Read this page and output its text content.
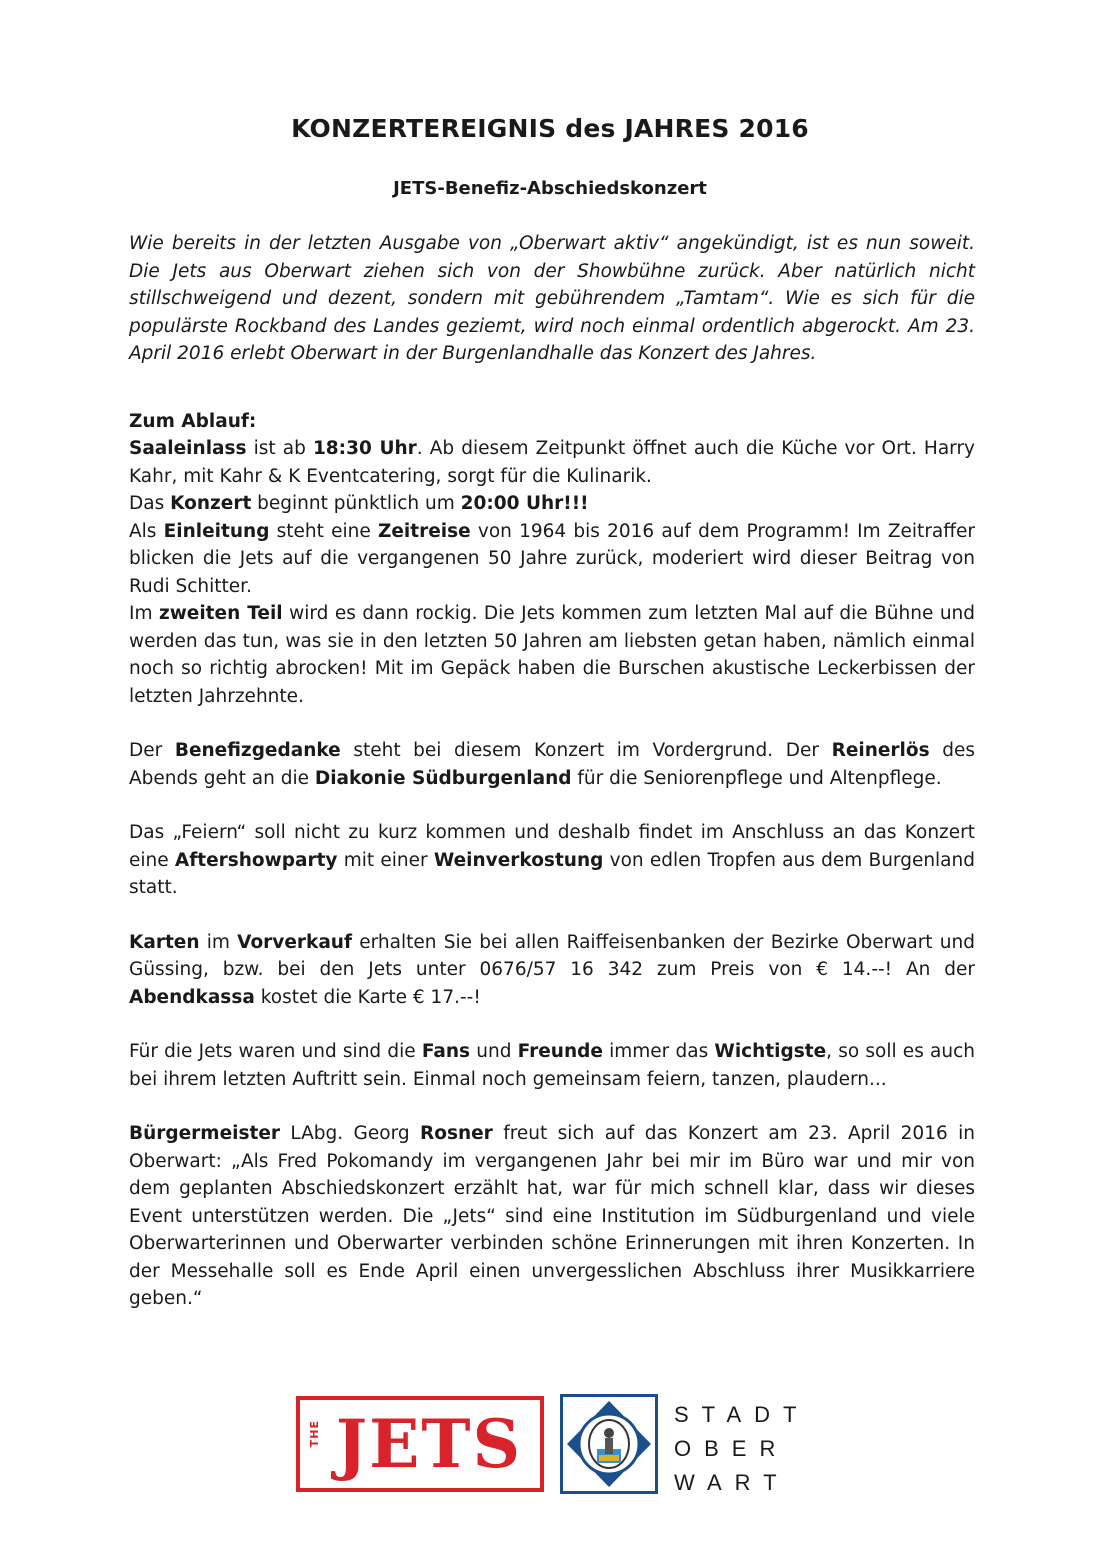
KONZERTEREIGNIS des JAHRES 2016
JETS-Benefiz-Abschiedskonzert

Wie bereits in der letzten Ausgabe von „Oberwart aktiv“ angekündigt, ist es nun soweit. Die Jets aus Oberwart ziehen sich von der Showbühne zurück. Aber natürlich nicht stillschweigend und dezent, sondern mit gebührendem „Tamtam“. Wie es sich für die populärste Rockband des Landes geziemt, wird noch einmal ordentlich abgerockt. Am 23. April 2016 erlebt Oberwart in der Burgenlandhalle das Konzert des Jahres.

Zum Ablauf:

Saaleinlass ist ab 18:30 Uhr. Ab diesem Zeitpunkt öffnet auch die Küche vor Ort. Harry Kahr, mit Kahr & K Eventcatering, sorgt für die Kulinarik.

Das Konzert beginnt pünktlich um 20:00 Uhr!!!

Als Einleitung steht eine Zeitreise von 1964 bis 2016 auf dem Programm! Im Zeitraffer blicken die Jets auf die vergangenen 50 Jahre zurück, moderiert wird dieser Beitrag von Rudi Schitter.

Im zweiten Teil wird es dann rockig. Die Jets kommen zum letzten Mal auf die Bühne und werden das tun, was sie in den letzten 50 Jahren am liebsten getan haben, nämlich einmal noch so richtig abrocken! Mit im Gepäck haben die Burschen akustische Leckerbissen der letzten Jahrzehnte.

Der Benefizgedanke steht bei diesem Konzert im Vordergrund. Der Reinerlös des Abends geht an die Diakonie Südburgenland für die Seniorenpflege und Altenpflege.

Das „Feiern“ soll nicht zu kurz kommen und deshalb findet im Anschluss an das Konzert eine Aftershowparty mit einer Weinverkostung von edlen Tropfen aus dem Burgenland statt.

Karten im Vorverkauf erhalten Sie bei allen Raiffeisenbanken der Bezirke Oberwart und Güssing, bzw. bei den Jets unter 0676/57 16 342 zum Preis von € 14.--! An der Abendkassa kostet die Karte € 17.--!

Für die Jets waren und sind die Fans und Freunde immer das Wichtigste, so soll es auch bei ihrem letzten Auftritt sein. Einmal noch gemeinsam feiern, tanzen, plaudern...

Bürgermeister LAbg. Georg Rosner freut sich auf das Konzert am 23. April 2016 in Oberwart: „Als Fred Pokomandy im vergangenen Jahr bei mir im Büro war und mir von dem geplanten Abschiedskonzert erzählt hat, war für mich schnell klar, dass wir dieses Event unterstützen werden. Die „Jets“ sind eine Institution im Südburgenland und viele Oberwarterinnen und Oberwarter verbinden schöne Erinnerungen mit ihren Konzerten. In der Messehalle soll es Ende April einen unvergesslichen Abschluss ihrer Musikkarriere geben.“

THE JETS	STADT
OBER
WART
